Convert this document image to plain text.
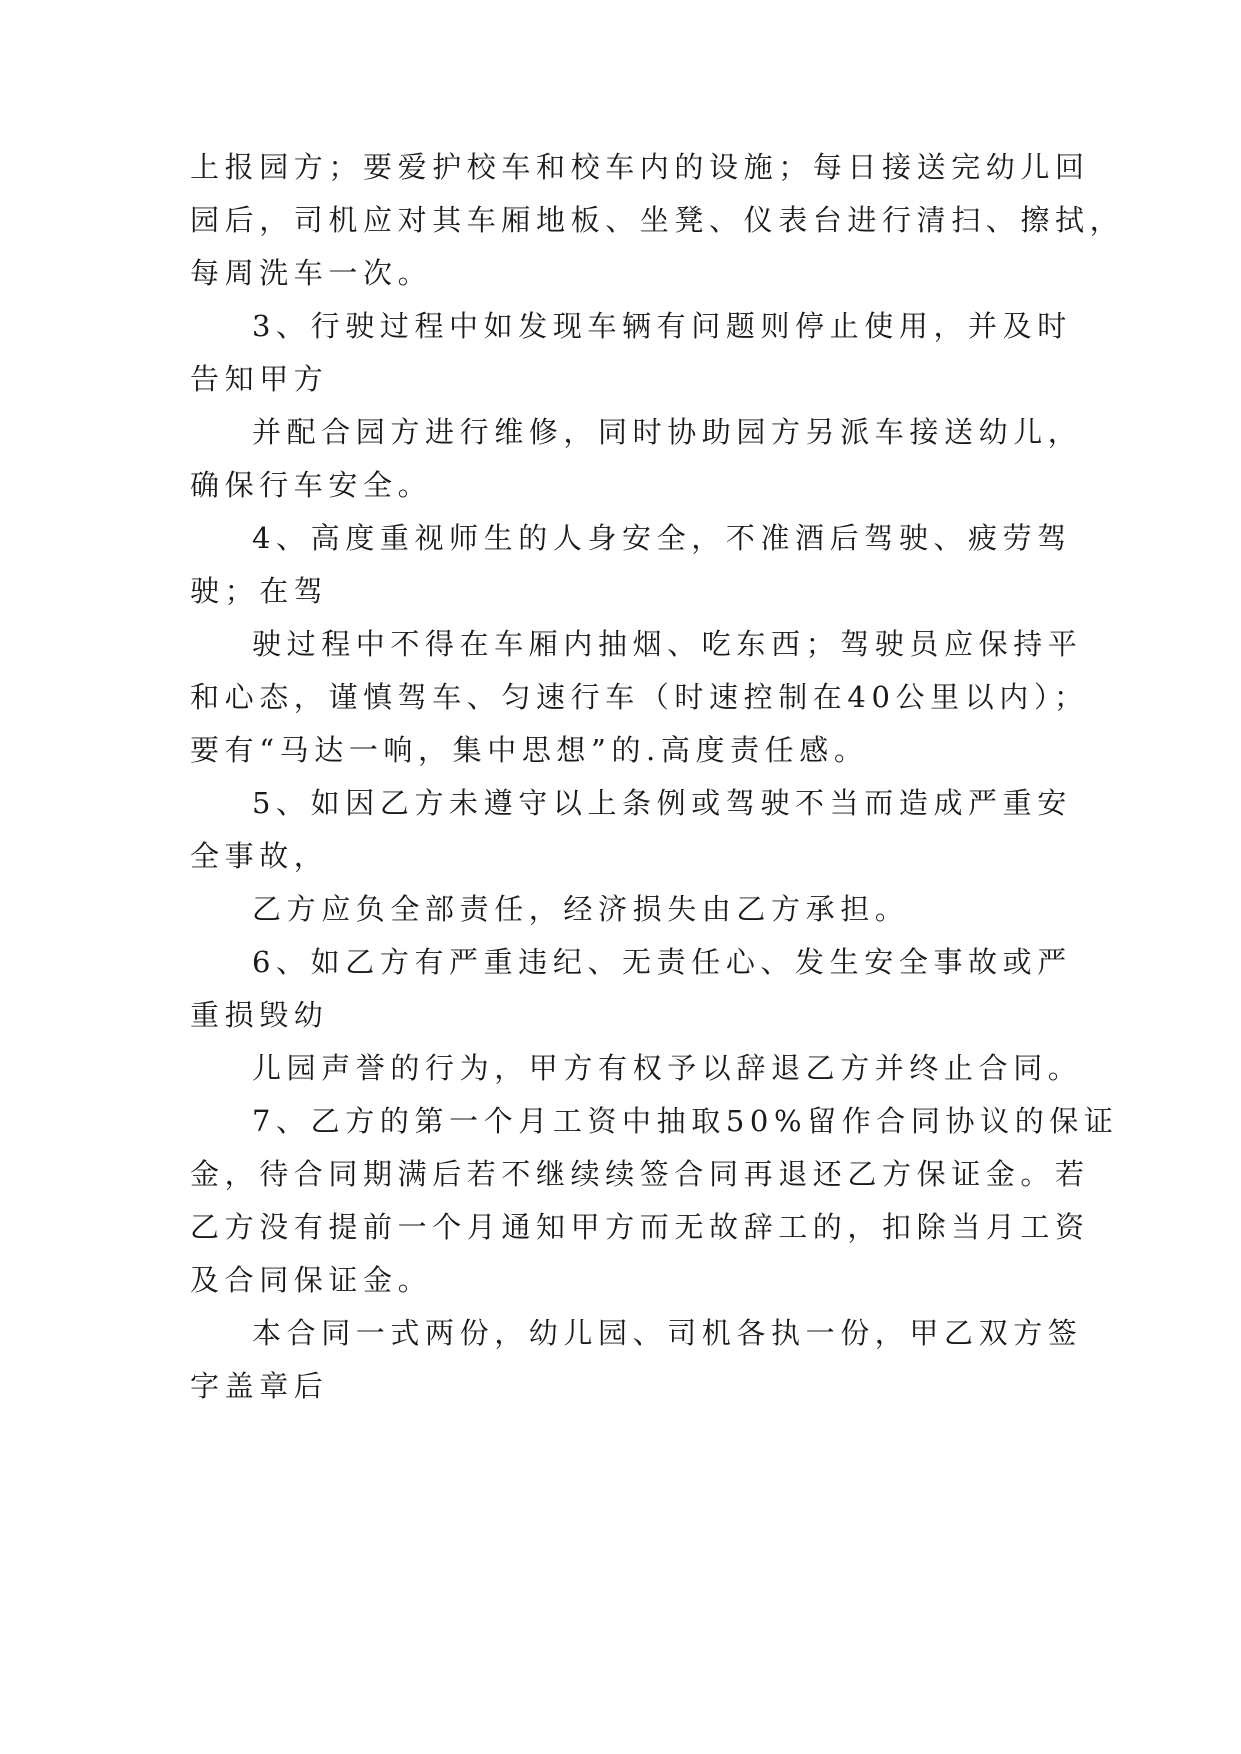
上报园方；要爱护校车和校车内的设施；每日接送完幼儿回

园后，司机应对其车厢地板、坐凳、仪表台进行清扫、擦拭，

每周洗车一次。

3、行驶过程中如发现车辆有问题则停止使用，并及时

告知甲方

并配合园方进行维修，同时协助园方另派车接送幼儿，

确保行车安全。

4、高度重视师生的人身安全，不准酒后驾驶、疲劳驾

驶；在驾

驶过程中不得在车厢内抽烟、吃东西；驾驶员应保持平

和心态，谨慎驾车、匀速行车（时速控制在40公里以内）；

要有“马达一响，集中思想”的.高度责任感。

5、如因乙方未遵守以上条例或驾驶不当而造成严重安

全事故，

乙方应负全部责任，经济损失由乙方承担。

6、如乙方有严重违纪、无责任心、发生安全事故或严

重损毁幼

儿园声誉的行为，甲方有权予以辞退乙方并终止合同。

7、乙方的第一个月工资中抽取50%留作合同协议的保证

金，待合同期满后若不继续续签合同再退还乙方保证金。若

乙方没有提前一个月通知甲方而无故辞工的，扣除当月工资

及合同保证金。

本合同一式两份，幼儿园、司机各执一份，甲乙双方签

字盖章后
